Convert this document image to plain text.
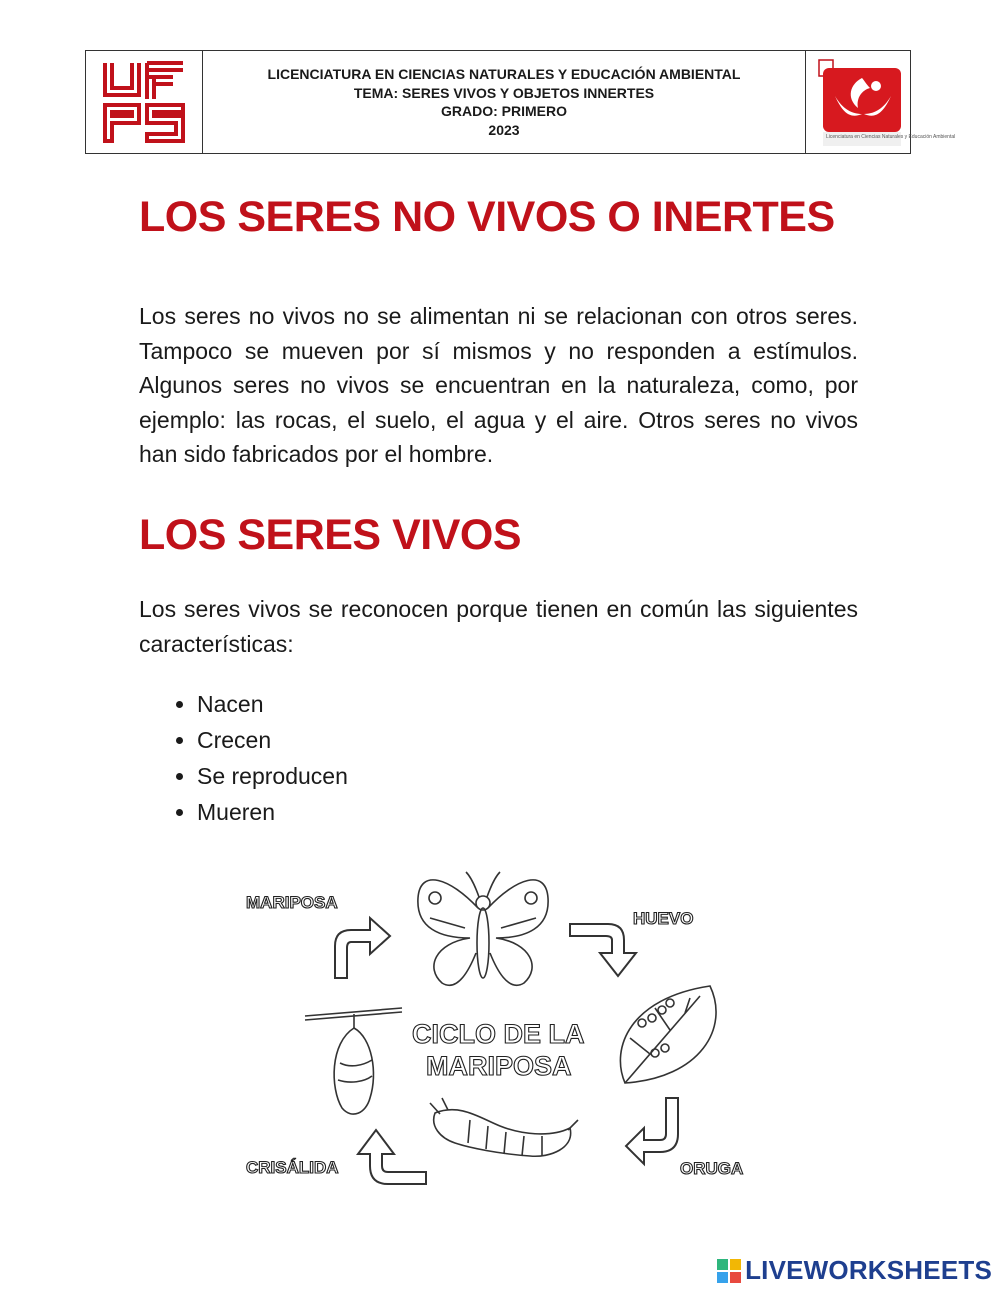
LICENCIATURA EN CIENCIAS NATURALES Y EDUCACIÓN AMBIENTAL
TEMA: SERES VIVOS Y OBJETOS INNERTES
GRADO: PRIMERO
2023	Licenciatura en Ciencias Naturales y Educación Ambiental
LOS SERES NO VIVOS O INERTES

Los seres no vivos no se alimentan ni se relacionan con otros seres. Tampoco se mueven por sí mismos y no responden a estímulos. Algunos seres no vivos se encuentran en la naturaleza, como, por ejemplo: las rocas, el suelo, el agua y el aire. Otros seres no vivos han sido fabricados por el hombre.

LOS SERES VIVOS

Los seres vivos se reconocen porque tienen en común las siguientes características:

• Nacen
• Crecen
• Se reproducen
• Mueren
MARIPOSA
HUEVO
ORUGA
CRISÁLIDA
CICLO DE LA
MARIPOSA
LIVEWORKSHEETS
